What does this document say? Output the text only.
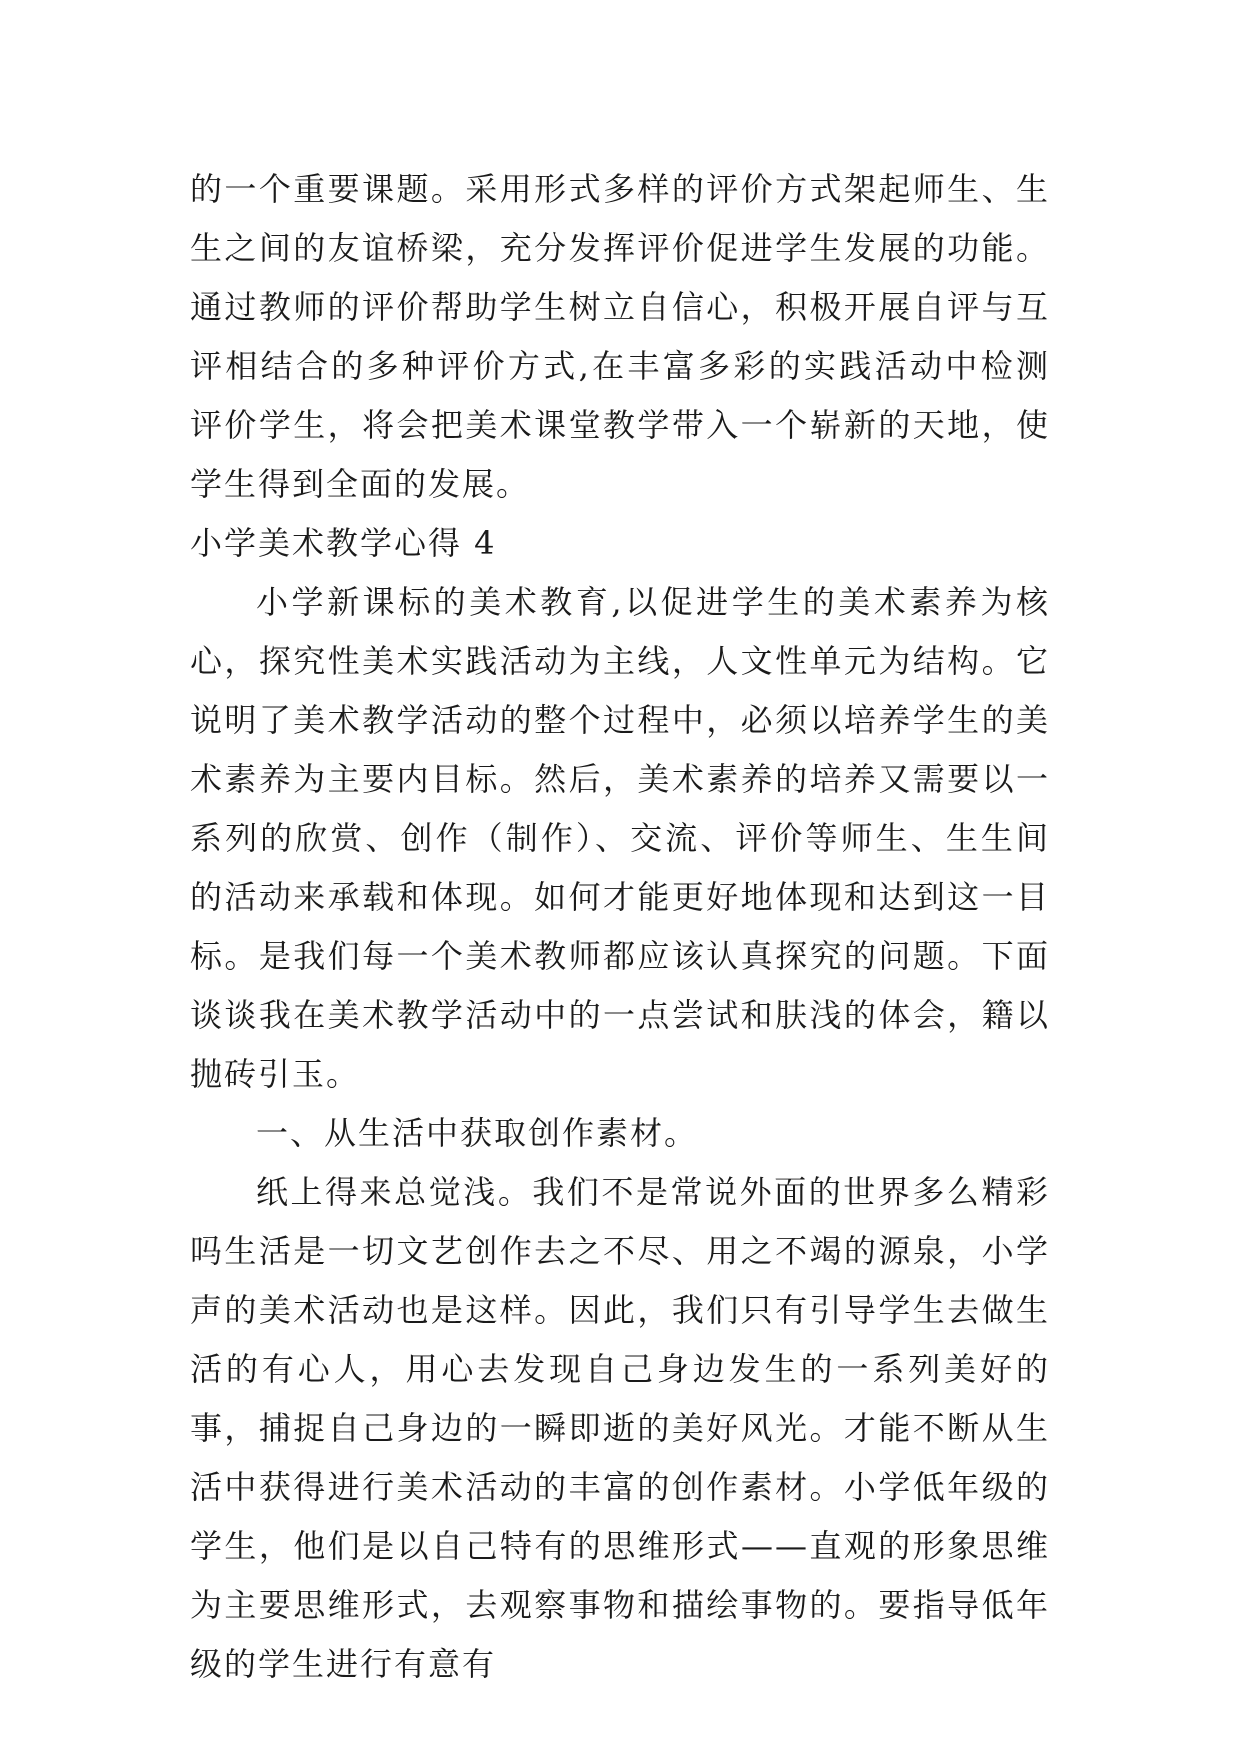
的一个重要课题。采用形式多样的评价方式架起师生、生生之间的友谊桥梁，充分发挥评价促进学生发展的功能。通过教师的评价帮助学生树立自信心，积极开展自评与互评相结合的多种评价方式,在丰富多彩的实践活动中检测评价学生，将会把美术课堂教学带入一个崭新的天地，使学生得到全面的发展。

小学美术教学心得 4

小学新课标的美术教育,以促进学生的美术素养为核心，探究性美术实践活动为主线，人文性单元为结构。它说明了美术教学活动的整个过程中，必须以培养学生的美术素养为主要内目标。然后，美术素养的培养又需要以一系列的欣赏、创作（制作）、交流、评价等师生、生生间的活动来承载和体现。如何才能更好地体现和达到这一目标。是我们每一个美术教师都应该认真探究的问题。下面谈谈我在美术教学活动中的一点尝试和肤浅的体会，籍以抛砖引玉。

一、从生活中获取创作素材。

纸上得来总觉浅。我们不是常说外面的世界多么精彩吗生活是一切文艺创作去之不尽、用之不竭的源泉，小学声的美术活动也是这样。因此，我们只有引导学生去做生活的有心人，用心去发现自己身边发生的一系列美好的事，捕捉自己身边的一瞬即逝的美好风光。才能不断从生活中获得进行美术活动的丰富的创作素材。小学低年级的学生，他们是以自己特有的思维形式——直观的形象思维为主要思维形式，去观察事物和描绘事物的。要指导低年级的学生进行有意有
